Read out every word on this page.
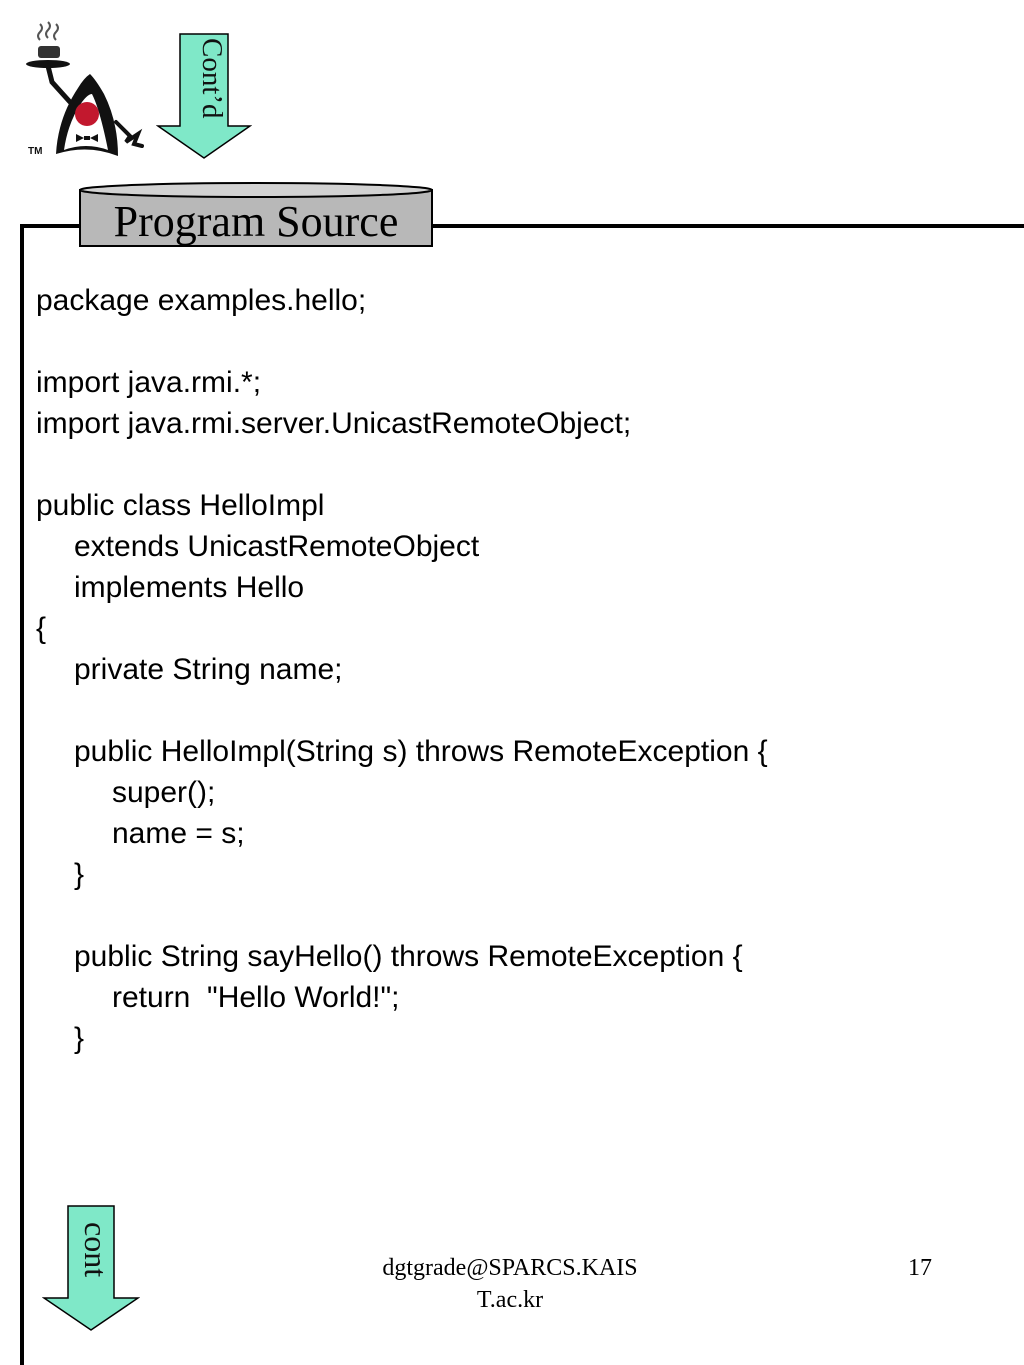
TM
Cont’d
Program Source
package examples.hello;
import java.rmi.*;
import java.rmi.server.UnicastRemoteObject;
public class HelloImpl
extends UnicastRemoteObject
implements Hello
{
private String name;
public HelloImpl(String s) throws RemoteException {
super();
name = s;
}
public String sayHello() throws RemoteException {
return  "Hello World!";
}
cont	dgtgrade@SPARCS.KAIS
T.ac.kr
17
